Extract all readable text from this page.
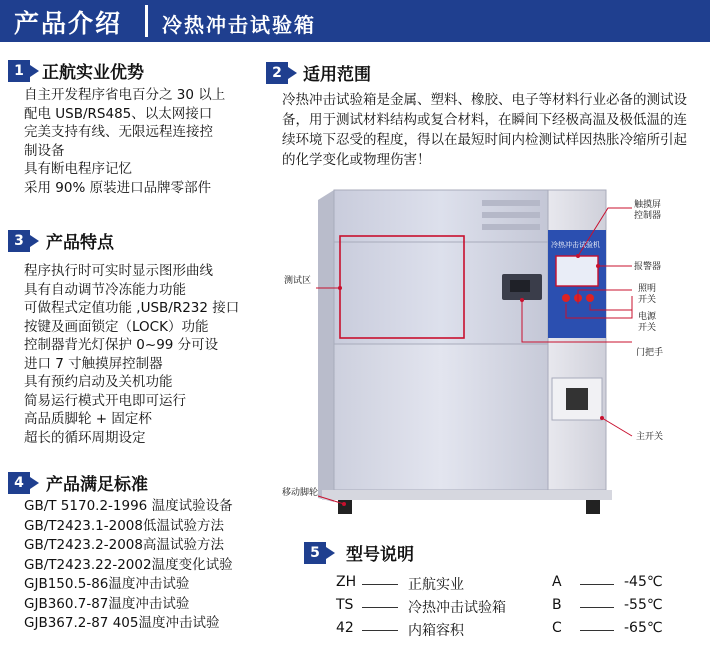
产品介绍 冷热冲击试验箱
1	正航实业优势
自主开发程序省电百分之 30 以上
配电 USB/RS485、以太网接口
完美支持有线、无限远程连接控
制设备
具有断电程序记忆
采用 90% 原装进口品牌零部件
2	适用范围
冷热冲击试验箱是金属、塑料、橡胶、电子等材料行业必备的测试设备，用于测试材料结构或复合材料，在瞬间下经极高温及极低温的连续环境下忍受的程度，得以在最短时间内检测试样因热胀冷缩所引起的化学变化或物理伤害！
3	产品特点
程序执行时可实时显示图形曲线
具有自动调节冷冻能力功能
可做程式定值功能 ,USB/R232 接口
按键及画面锁定（LOCK）功能
控制器背光灯保护 0~99 分可设
进口 7 寸触摸屏控制器
具有预约启动及关机功能
简易运行模式开电即可运行
高品质脚轮 + 固定杯
超长的循环周期设定
4	产品满足标准
GB/T 5170.2-1996 温度试验设备
GB/T2423.1-2008低温试验方法
GB/T2423.2-2008高温试验方法
GB/T2423.22-2002温度变化试验
GJB150.5-86温度冲击试验
GJB360.7-87温度冲击试验
GJB367.2-87 405温度冲击试验
冷热冲击试验机
触摸屏
控制器
报警器
照明
开关
电源
开关
门把手
主开关
测试区
移动脚轮
5	型号说明
ZH	正航实业	A	-45℃
TS	冷热冲击试验箱	B	-55℃
42	内箱容积	C	-65℃
